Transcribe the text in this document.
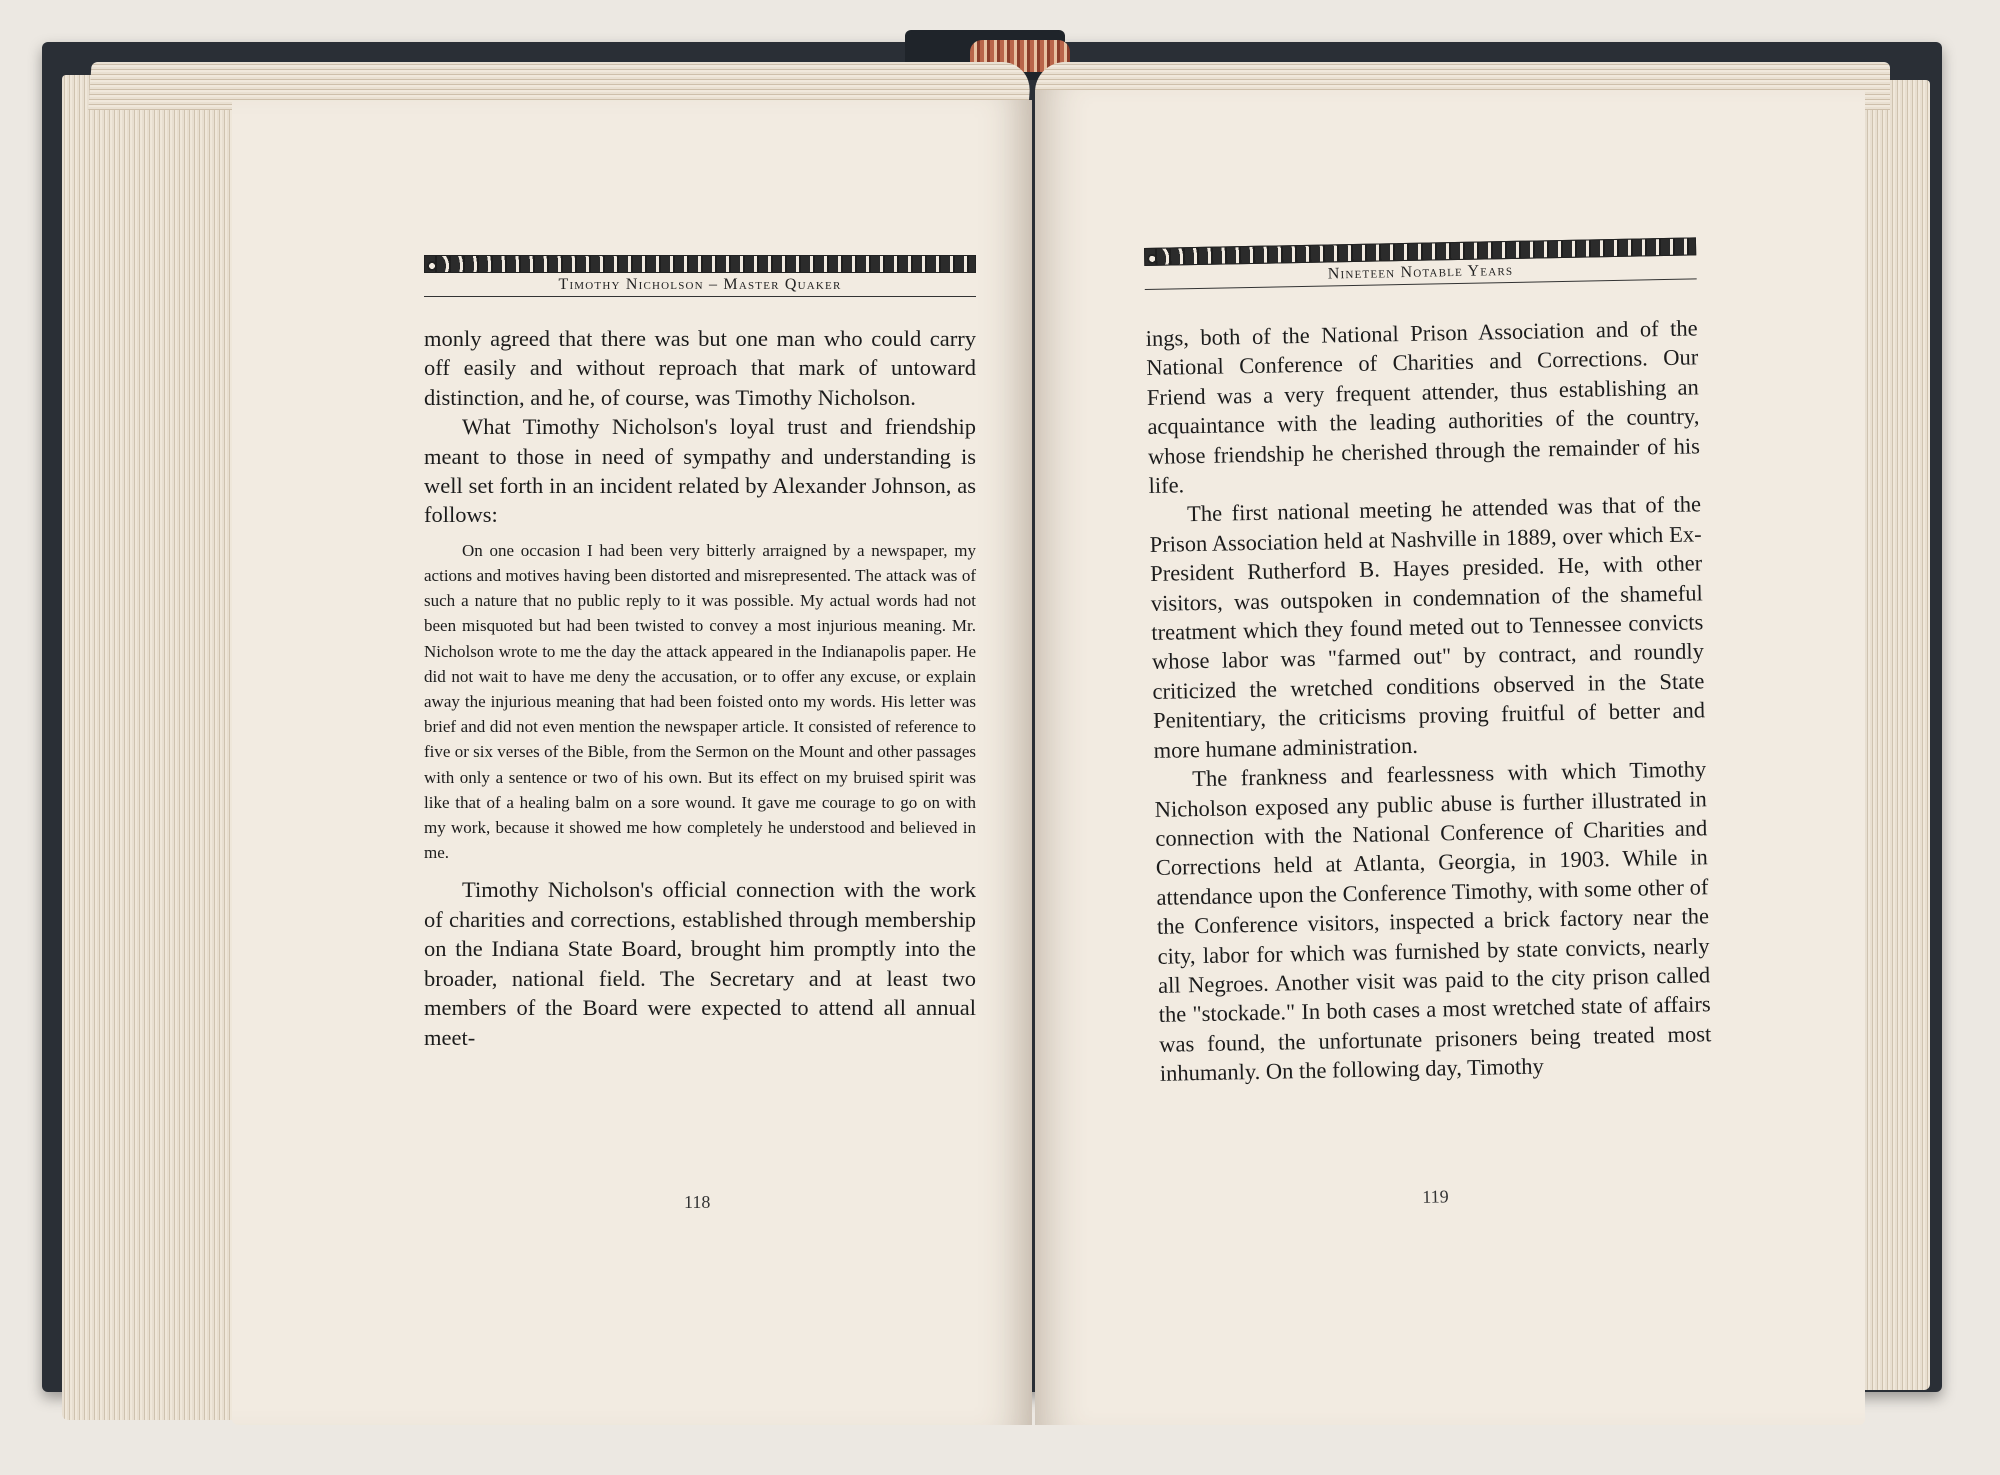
Timothy Nicholson – Master Quaker

monly agreed that there was but one man who could carry off easily and without reproach that mark of untoward distinction, and he, of course, was Timothy Nicholson.

What Timothy Nicholson's loyal trust and friendship meant to those in need of sympathy and understanding is well set forth in an incident related by Alexander Johnson, as follows:

On one occasion I had been very bitterly arraigned by a newspaper, my actions and motives having been distorted and misrepresented. The attack was of such a nature that no public reply to it was possible. My actual words had not been misquoted but had been twisted to convey a most injurious meaning. Mr. Nicholson wrote to me the day the attack appeared in the Indianapolis paper. He did not wait to have me deny the accusation, or to offer any excuse, or explain away the injurious meaning that had been foisted onto my words. His letter was brief and did not even mention the newspaper article. It consisted of reference to five or six verses of the Bible, from the Sermon on the Mount and other passages with only a sentence or two of his own. But its effect on my bruised spirit was like that of a healing balm on a sore wound. It gave me courage to go on with my work, because it showed me how completely he understood and believed in me.

Timothy Nicholson's official connection with the work of charities and corrections, established through membership on the Indiana State Board, brought him promptly into the broader, national field. The Secretary and at least two members of the Board were expected to attend all annual meet-

118
Nineteen Notable Years

ings, both of the National Prison Association and of the National Conference of Charities and Corrections. Our Friend was a very frequent attender, thus establishing an acquaintance with the leading authorities of the country, whose friendship he cherished through the remainder of his life.

The first national meeting he attended was that of the Prison Association held at Nashville in 1889, over which Ex-President Rutherford B. Hayes presided. He, with other visitors, was outspoken in condemnation of the shameful treatment which they found meted out to Tennessee convicts whose labor was "farmed out" by contract, and roundly criticized the wretched conditions observed in the State Penitentiary, the criticisms proving fruitful of better and more humane administration.

The frankness and fearlessness with which Timothy Nicholson exposed any public abuse is further illustrated in connection with the National Conference of Charities and Corrections held at Atlanta, Georgia, in 1903. While in attendance upon the Conference Timothy, with some other of the Conference visitors, inspected a brick factory near the city, labor for which was furnished by state convicts, nearly all Negroes. Another visit was paid to the city prison called the "stockade." In both cases a most wretched state of affairs was found, the unfortunate prisoners being treated most inhumanly. On the following day, Timothy

119
